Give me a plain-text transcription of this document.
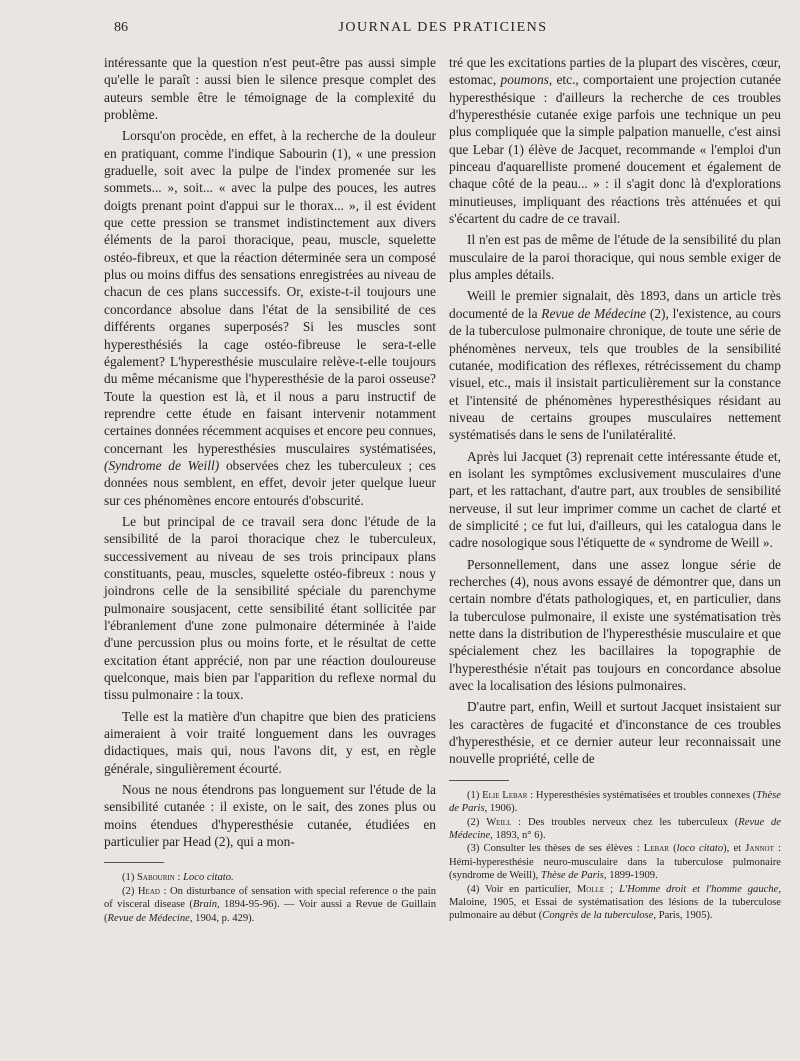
86	JOURNAL DES PRATICIENS

intéressante que la question n'est peut-être pas aussi simple qu'elle le paraît : aussi bien le silence presque complet des auteurs semble être le témoignage de la complexité du problème.

Lorsqu'on procède, en effet, à la recherche de la douleur en pratiquant, comme l'indique Sabourin (1), « une pression graduelle, soit avec la pulpe de l'index promenée sur les sommets... », soit... « avec la pulpe des pouces, les autres doigts prenant point d'appui sur le thorax... », il est évident que cette pression se transmet indistinctement aux divers éléments de la paroi thoracique, peau, muscle, squelette ostéo-fibreux, et que la réaction déterminée sera un composé plus ou moins diffus des sensations enregistrées au niveau de chacun de ces plans successifs. Or, existe-t-il toujours une concordance absolue dans l'état de la sensibilité de ces différents organes superposés? Si les muscles sont hyperesthésiés la cage ostéo-fibreuse le sera-t-elle également? L'hyperesthésie musculaire relève-t-elle toujours du même mécanisme que l'hyperesthésie de la paroi osseuse? Toute la question est là, et il nous a paru instructif de reprendre cette étude en faisant intervenir notamment certaines données récemment acquises et encore peu connues, concernant les hyperesthésies musculaires systématisées, (Syndrome de Weill) observées chez les tuberculeux ; ces données nous semblent, en effet, devoir jeter quelque lueur sur ces phénomènes encore entourés d'obscurité.

Le but principal de ce travail sera donc l'étude de la sensibilité de la paroi thoracique chez le tuberculeux, successivement au niveau de ses trois principaux plans constituants, peau, muscles, squelette ostéo-fibreux : nous y joindrons celle de la sensibilité spéciale du parenchyme pulmonaire sousjacent, cette sensibilité étant sollicitée par l'ébranlement d'une zone pulmonaire déterminée à l'aide d'une percussion plus ou moins forte, et le résultat de cette excitation étant apprécié, non par une réaction douloureuse quelconque, mais bien par l'apparition du reflexe normal du tissu pulmonaire : la toux.

Telle est la matière d'un chapitre que bien des praticiens aimeraient à voir traité longuement dans les ouvrages didactiques, mais qui, nous l'avons dit, y est, en règle générale, singulièrement écourté.

Nous ne nous étendrons pas longuement sur l'étude de la sensibilité cutanée : il existe, on le sait, des zones plus ou moins étendues d'hyperesthésie cutanée, étudiées en particulier par Head (2), qui a mon-

(1) Sabourin : Loco citato.

(2) Head : On disturbance of sensation with special reference o the pain of visceral disease (Brain, 1894-95-96). — Voir aussi a Revue de Guillain (Revue de Médecine, 1904, p. 429).

tré que les excitations parties de la plupart des viscères, cœur, estomac, poumons, etc., comportaient une projection cutanée hyperesthésique : d'ailleurs la recherche de ces troubles d'hyperesthésie cutanée exige parfois une technique un peu plus compliquée que la simple palpation manuelle, c'est ainsi que Lebar (1) élève de Jacquet, recommande « l'emploi d'un pinceau d'aquarelliste promené doucement et également de chaque côté de la peau... » : il s'agit donc là d'explorations minutieuses, impliquant des réactions très atténuées et qui s'écartent du cadre de ce travail.

Il n'en est pas de même de l'étude de la sensibilité du plan musculaire de la paroi thoracique, qui nous semble exiger de plus amples détails.

Weill le premier signalait, dès 1893, dans un article très documenté de la Revue de Médecine (2), l'existence, au cours de la tuberculose pulmonaire chronique, de toute une série de phénomènes nerveux, tels que troubles de la sensibilité cutanée, modification des réflexes, rétrécissement du champ visuel, etc., mais il insistait particulièrement sur la constance et l'intensité de phénomènes hyperesthésiques résidant au niveau de certains groupes musculaires nettement systématisés dans le sens de l'unilatéralité.

Après lui Jacquet (3) reprenait cette intéressante étude et, en isolant les symptômes exclusivement musculaires d'une part, et les rattachant, d'autre part, aux troubles de sensibilité nerveuse, il sut leur imprimer comme un cachet de clarté et de simplicité ; ce fut lui, d'ailleurs, qui les catalogua dans le cadre nosologique sous l'étiquette de « syndrome de Weill ».

Personnellement, dans une assez longue série de recherches (4), nous avons essayé de démontrer que, dans un certain nombre d'états pathologiques, et, en particulier, dans la tuberculose pulmonaire, il existe une systématisation très nette dans la distribution de l'hyperesthésie musculaire et que spécialement chez les bacillaires la topographie de l'hyperesthésie n'était pas toujours en concordance absolue avec la localisation des lésions pulmonaires.

D'autre part, enfin, Weill et surtout Jacquet insistaient sur les caractères de fugacité et d'inconstance de ces troubles d'hyperesthésie, et ce dernier auteur leur reconnaissait une nouvelle propriété, celle de

(1) Elie Lebar : Hyperesthésies systématisées et troubles connexes (Thèse de Paris, 1906).

(2) Weill : Des troubles nerveux chez les tuberculeux (Revue de Médecine, 1893, n° 6).

(3) Consulter les thèses de ses élèves : Lebar (loco citato), et Jannot : Hémi-hyperesthésie neuro-musculaire dans la tuberculose pulmonaire (syndrome de Weill), Thèse de Paris, 1899-1909.

(4) Voir en particulier, Molle ; L'Homme droit et l'homme gauche, Maloine, 1905, et Essai de systématisation des lésions de la tuberculose pulmonaire au début (Congrès de la tuberculose, Paris, 1905).
